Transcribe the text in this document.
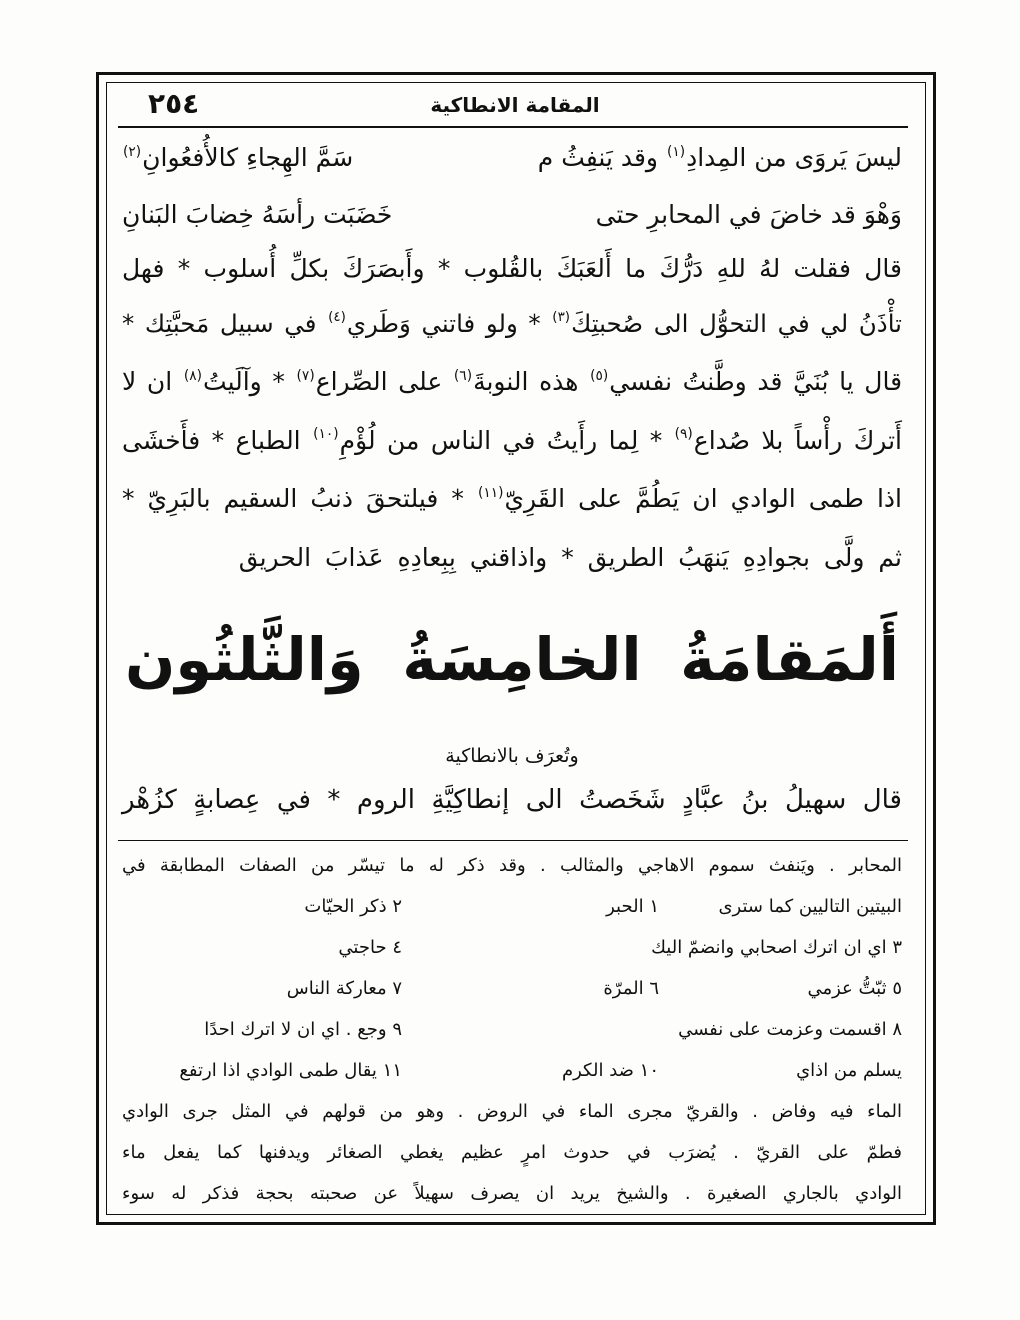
٢٥٤	المقامة الانطاكية
ليسَ يَروَى من المِدادِ$^{(١)}$ وقد يَنفِثُ م
سَمَّ الهِجاءِ كالأُفعُوانِ$^{(٢)}$
وَهْوَ قد خاضَ في المحابرِ حتى
خَضَبَت رأسَهُ خِضابَ البَنانِ
قال فقلت لهُ للهِ دَرُّكَ ما أَلعَبَكَ بالقُلوب * وأَبصَرَكَ بكلِّ أُسلوب * فهل
تأْذَنُ لي في التحوُّل الى صُحبتِكَ$^{(٣)}$ * ولو فاتني وَطَري$^{(٤)}$ في سبيل مَحبَّتِك *
قال يا بُنَيَّ قد وطَّنتُ نفسي$^{(٥)}$ هذه النوبةَ$^{(٦)}$ على الصِّراع$^{(٧)}$ * وآلَيتُ$^{(٨)}$ ان لا
أَتركَ رأْساً بلا صُداع$^{(٩)}$ * لِما رأَيتُ في الناس من لُؤْمِ$^{(١٠)}$ الطباع * فأَخشَى
اذا طمى الوادي ان يَطُمَّ على القَرِيّ$^{(١١)}$ * فيلتحقَ ذنبُ السقيم بالبَرِيّ *
ثم ولَّى بجوادِهِ يَنهَبُ الطريق * واذاقني بِبِعادِهِ عَذابَ الحريق
أَلمَقامَةُ الخامِسَةُ وَالثَّلثُون
وتُعرَف بالانطاكية
قال سهيلُ بنُ عبَّادٍ شَخَصتُ الى إنطاكِيَّةِ الروم * في عِصابةٍ كزُهْر
المحابر . ويَنفث سموم الاهاجي والمثالب . وقد ذكر له ما تيسّر من الصفات المطابقة في
البيتين التاليين كما سترى
١ الحبر
٢ ذكر الحيّات
٣ اي ان اترك اصحابي وانضمّ اليك
٤ حاجتي
٥ ثبّتُّ عزمي
٦ المرّة
٧ معاركة الناس
٨ اقسمت وعزمت على نفسي
٩ وجع . اي ان لا اترك احدًا
يسلم من اذاي
١٠ ضد الكرم
١١ يقال طمى الوادي اذا ارتفع
الماء فيه وفاض . والقريّ مجرى الماء في الروض . وهو من قولهم في المثل جرى الوادي
فطمّ على القريّ . يُضرَب في حدوث امرٍ عظيم يغطي الصغائر ويدفنها كما يفعل ماء
الوادي بالجاري الصغيرة . والشيخ يريد ان يصرف سهيلاً عن صحبته بحجة فذكر له سوء
